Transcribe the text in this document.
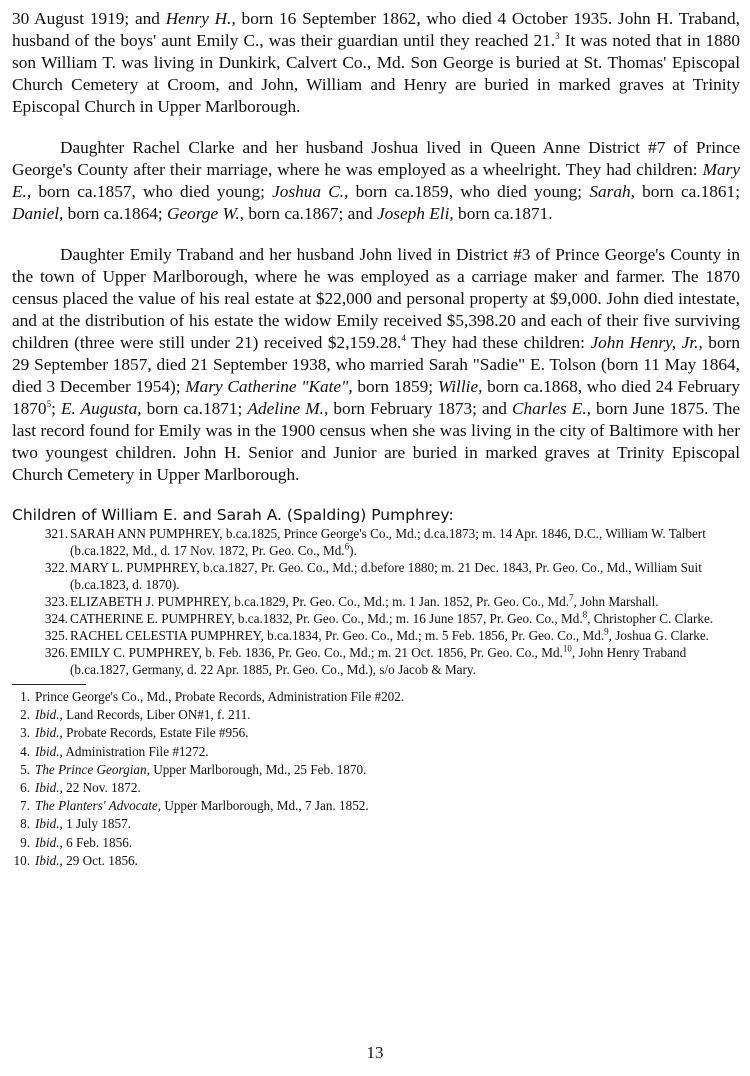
30 August 1919; and Henry H., born 16 September 1862, who died 4 October 1935. John H. Traband, husband of the boys' aunt Emily C., was their guardian until they reached 21.$^3$ It was noted that in 1880 son William T. was living in Dunkirk, Calvert Co., Md. Son George is buried at St. Thomas' Episcopal Church Cemetery at Croom, and John, William and Henry are buried in marked graves at Trinity Episcopal Church in Upper Marlborough.

Daughter Rachel Clarke and her husband Joshua lived in Queen Anne District #7 of Prince George's County after their marriage, where he was employed as a wheelright. They had children: Mary E., born ca.1857, who died young; Joshua C., born ca.1859, who died young; Sarah, born ca.1861; Daniel, born ca.1864; George W., born ca.1867; and Joseph Eli, born ca.1871.

Daughter Emily Traband and her husband John lived in District #3 of Prince George's County in the town of Upper Marlborough, where he was employed as a carriage maker and farmer. The 1870 census placed the value of his real estate at $22,000 and personal property at $9,000. John died intestate, and at the distribution of his estate the widow Emily received $5,398.20 and each of their five surviving children (three were still under 21) received $2,159.28.$^4$ They had these children: John Henry, Jr., born 29 September 1857, died 21 September 1938, who married Sarah "Sadie" E. Tolson (born 11 May 1864, died 3 December 1954); Mary Catherine "Kate", born 1859; Willie, born ca.1868, who died 24 February 1870$^5$; E. Augusta, born ca.1871; Adeline M., born February 1873; and Charles E., born June 1875. The last record found for Emily was in the 1900 census when she was living in the city of Baltimore with her two youngest children. John H. Senior and Junior are buried in marked graves at Trinity Episcopal Church Cemetery in Upper Marlborough.

Children of William E. and Sarah A. (Spalding) Pumphrey:

321. SARAH ANN PUMPHREY, b.ca.1825, Prince George's Co., Md.; d.ca.1873; m. 14 Apr. 1846, D.C., William W. Talbert (b.ca.1822, Md., d. 17 Nov. 1872, Pr. Geo. Co., Md.$^6$).

322. MARY L. PUMPHREY, b.ca.1827, Pr. Geo. Co., Md.; d.before 1880; m. 21 Dec. 1843, Pr. Geo. Co., Md., William Suit (b.ca.1823, d. 1870).

323. ELIZABETH J. PUMPHREY, b.ca.1829, Pr. Geo. Co., Md.; m. 1 Jan. 1852, Pr. Geo. Co., Md.$^7$, John Marshall.

324. CATHERINE E. PUMPHREY, b.ca.1832, Pr. Geo. Co., Md.; m. 16 June 1857, Pr. Geo. Co., Md.$^8$, Christopher C. Clarke.

325. RACHEL CELESTIA PUMPHREY, b.ca.1834, Pr. Geo. Co., Md.; m. 5 Feb. 1856, Pr. Geo. Co., Md.$^9$, Joshua G. Clarke.

326. EMILY C. PUMPHREY, b. Feb. 1836, Pr. Geo. Co., Md.; m. 21 Oct. 1856, Pr. Geo. Co., Md.$^{10}$, John Henry Traband (b.ca.1827, Germany, d. 22 Apr. 1885, Pr. Geo. Co., Md.), s/o Jacob & Mary.

1. Prince George's Co., Md., Probate Records, Administration File #202.

2. Ibid., Land Records, Liber ON#1, f. 211.

3. Ibid., Probate Records, Estate File #956.

4. Ibid., Administration File #1272.

5. The Prince Georgian, Upper Marlborough, Md., 25 Feb. 1870.

6. Ibid., 22 Nov. 1872.

7. The Planters' Advocate, Upper Marlborough, Md., 7 Jan. 1852.

8. Ibid., 1 July 1857.

9. Ibid., 6 Feb. 1856.

10. Ibid., 29 Oct. 1856.

13
